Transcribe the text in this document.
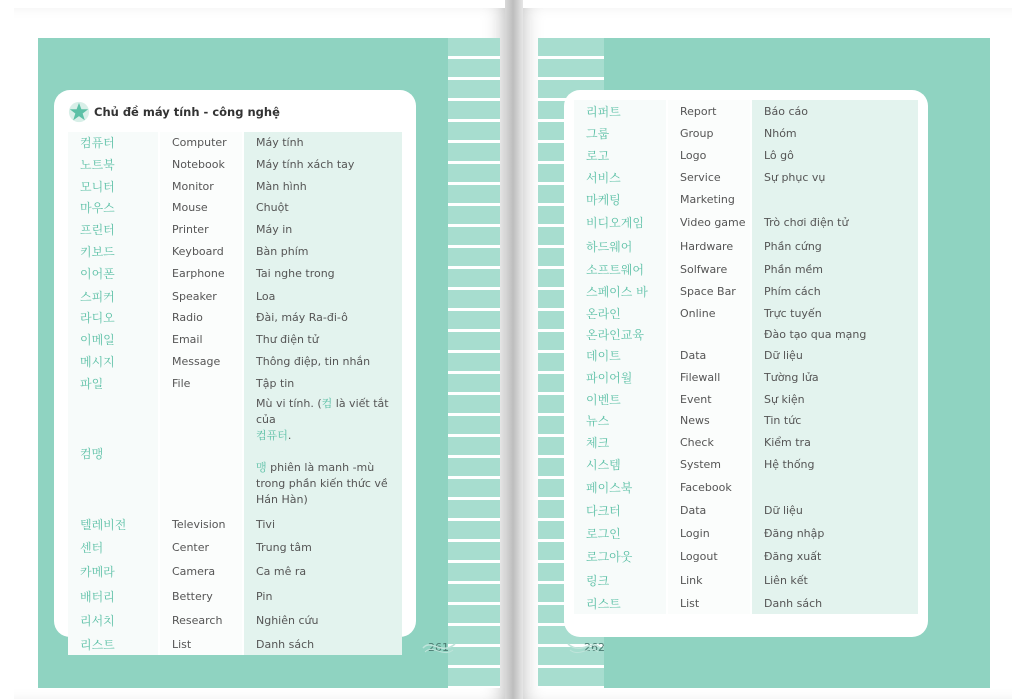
Chủ đề máy tính - công nghệ
컴퓨터	Computer	Máy tính
노트북	Notebook	Máy tính xách tay
모니터	Monitor	Màn hình
마우스	Mouse	Chuột
프린터	Printer	Máy in
키보드	Keyboard	Bàn phím
이어폰	Earphone	Tai nghe trong
스피커	Speaker	Loa
라디오	Radio	Đài, máy Ra-đi-ô
이메일	Email	Thư điện tử
메시지	Message	Thông điệp, tin nhắn
파일	File	Tập tin
컴맹		Mù vi tính. (컴 là viết tắt của
컴퓨터.

맹 phiên là manh -mù trong phần kiến thức về Hán Hàn)
텔레비전	Television	Tivi
센터	Center	Trung tâm
카메라	Camera	Ca mê ra
배터리	Bettery	Pin
리서치	Research	Nghiên cứu
리스트	List	Danh sách	261
리퍼트	Report	Báo cáo
그룹	Group	Nhóm
로고	Logo	Lô gô
서비스	Service	Sự phục vụ
마케팅	Marketing	
비디오게임	Video game	Trò chơi điện tử
하드웨어	Hardware	Phần cứng
소프트웨어	Solfware	Phần mềm
스페이스 바	Space Bar	Phím cách
온라인	Online	Trực tuyến
온라인교육		Đào tạo qua mạng
데이트	Data	Dữ liệu
파이어월	Filewall	Tường lửa
이벤트	Event	Sự kiện
뉴스	News	Tin tức
체크	Check	Kiểm tra
시스템	System	Hệ thống
페이스북	Facebook	
다크터	Data	Dữ liệu
로그인	Login	Đăng nhập
로그아웃	Logout	Đăng xuất
링크	Link	Liên kết
리스트	List	Danh sách
262
